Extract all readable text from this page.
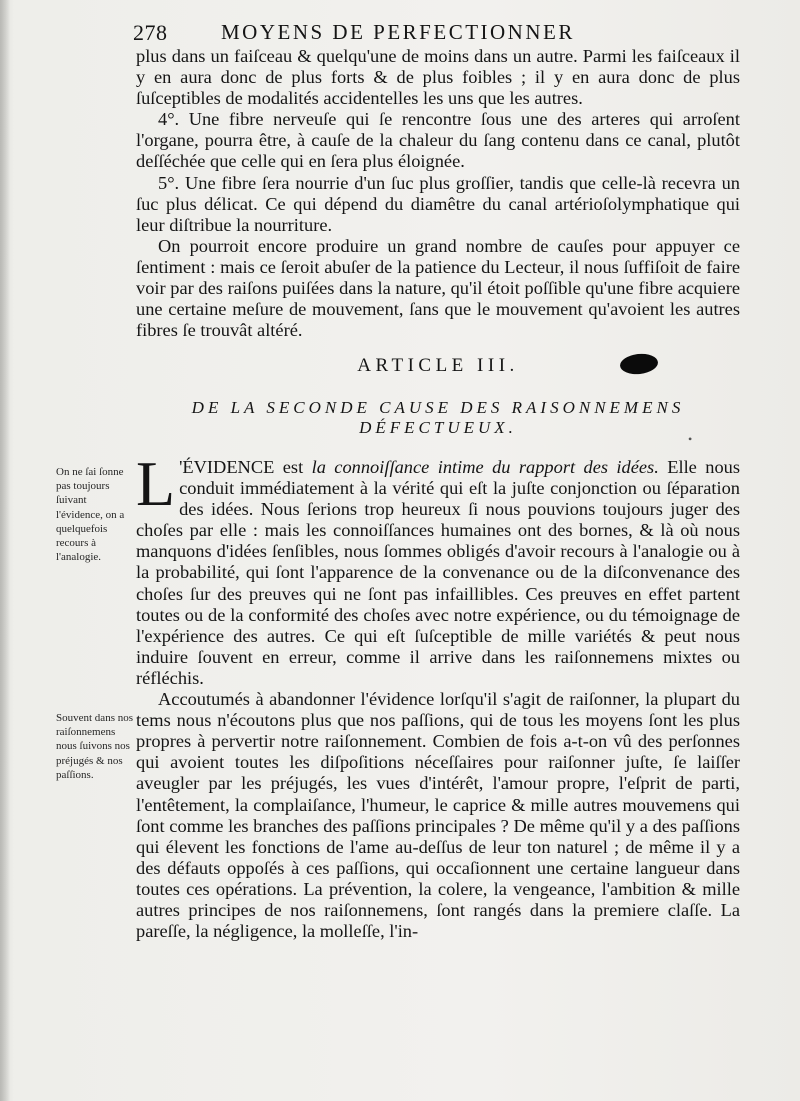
278	MOYENS DE PERFECTIONNER

plus dans un faiſceau & quelqu'une de moins dans un autre. Parmi les faiſceaux il y en aura donc de plus forts & de plus foibles ; il y en aura donc de plus ſuſceptibles de modalités accidentelles les uns que les autres.

4°. Une fibre nerveuſe qui ſe rencontre ſous une des arteres qui arroſent l'organe, pourra être, à cauſe de la chaleur du ſang contenu dans ce canal, plutôt deſſéchée que celle qui en ſera plus éloignée.

5°. Une fibre ſera nourrie d'un ſuc plus groſſier, tandis que celle-là recevra un ſuc plus délicat. Ce qui dépend du diamêtre du canal artérioſolymphatique qui leur diſtribue la nourriture.

On pourroit encore produire un grand nombre de cauſes pour appuyer ce ſentiment : mais ce ſeroit abuſer de la patience du Lecteur, il nous ſuffiſoit de faire voir par des raiſons puiſées dans la nature, qu'il étoit poſſible qu'une fibre acquiere une certaine meſure de mouvement, ſans que le mouvement qu'avoient les autres fibres ſe trouvât altéré.

ARTICLE III.
DE LA SECONDE CAUSE DES RAISONNEMENS
DÉFECTUEUX.
•
On ne ſai ſonne pas toujours ſuivant l'évidence, on a quelquefois recours à l'analogie.
Souvent dans nos raiſonnemens nous ſuivons nos préjugés & nos paſſions.

L 'ÉVIDENCE est la connoiſſance intime du rapport des idées. Elle nous conduit immédiatement à la vérité qui eſt la juſte conjonction ou ſéparation des idées. Nous ſerions trop heureux ſi nous pouvions toujours juger des choſes par elle : mais les connoiſſances humaines ont des bornes, & là où nous manquons d'idées ſenſibles, nous ſommes obligés d'avoir recours à l'analogie ou à la probabilité, qui ſont l'apparence de la convenance ou de la diſconvenance des choſes ſur des preuves qui ne ſont pas infaillibles. Ces preuves en effet partent toutes ou de la conformité des choſes avec notre expérience, ou du témoignage de l'expérience des autres. Ce qui eſt ſuſceptible de mille variétés & peut nous induire ſouvent en erreur, comme il arrive dans les raiſonnemens mixtes ou réfléchis.

Accoutumés à abandonner l'évidence lorſqu'il s'agit de raiſonner, la plupart du tems nous n'écoutons plus que nos paſſions, qui de tous les moyens ſont les plus propres à pervertir notre raiſonnement. Combien de fois a-t-on vû des perſonnes qui avoient toutes les diſpoſitions néceſſaires pour raiſonner juſte, ſe laiſſer aveugler par les préjugés, les vues d'intérêt, l'amour propre, l'eſprit de parti, l'entêtement, la complaiſance, l'humeur, le caprice & mille autres mouvemens qui ſont comme les branches des paſſions principales ? De même qu'il y a des paſſions qui élevent les fonctions de l'ame au-deſſus de leur ton naturel ; de même il y a des défauts oppoſés à ces paſſions, qui occaſionnent une certaine langueur dans toutes ces opérations. La prévention, la colere, la vengeance, l'ambition & mille autres principes de nos raiſonnemens, ſont rangés dans la premiere claſſe. La pareſſe, la négligence, la molleſſe, l'in-
